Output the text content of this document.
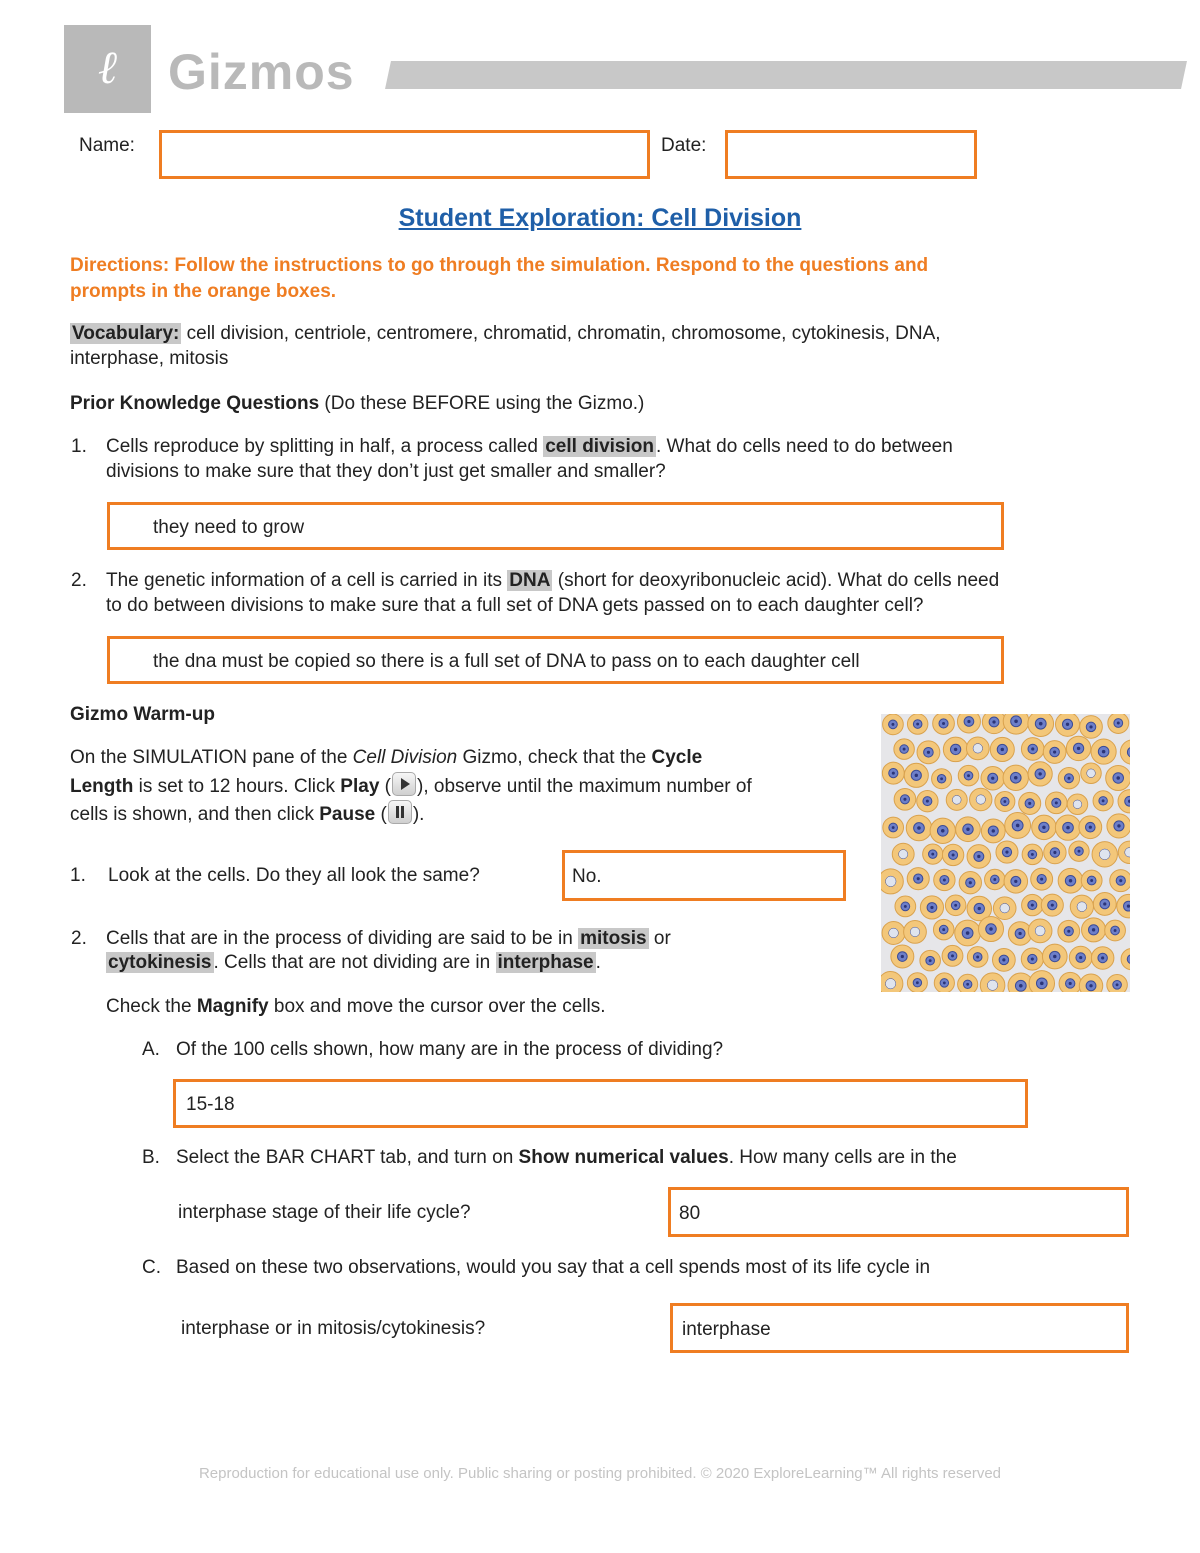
ℓ	Gizmos
Name:	Date:
Student Exploration: Cell Division
Directions: Follow the instructions to go through the simulation. Respond to the questions and
prompts in the orange boxes.
Vocabulary: cell division, centriole, centromere, chromatid, chromatin, chromosome, cytokinesis, DNA,
interphase, mitosis
Prior Knowledge Questions (Do these BEFORE using the Gizmo.)
1. Cells reproduce by splitting in half, a process called cell division . What do cells need to do between
divisions to make sure that they don’t just get smaller and smaller?
they need to grow
2. The genetic information of a cell is carried in its DNA (short for deoxyribonucleic acid). What do cells need
to do between divisions to make sure that a full set of DNA gets passed on to each daughter cell?
the dna must be copied so there is a full set of DNA to pass on to each daughter cell
Gizmo Warm-up
On the SIMULATION pane of the Cell Division Gizmo, check that the Cycle
Length is set to 12 hours. Click Play ( ), observe until the maximum number of
cells is shown, and then click Pause ( ).
1. Look at the cells. Do they all look the same?	No.
2. Cells that are in the process of dividing are said to be in mitosis or
cytokinesis . Cells that are not dividing are in interphase .
Check the Magnify box and move the cursor over the cells.
A. Of the 100 cells shown, how many are in the process of dividing?
15-18
B. Select the BAR CHART tab, and turn on Show numerical values. How many cells are in the
interphase stage of their life cycle?	80
C. Based on these two observations, would you say that a cell spends most of its life cycle in
interphase or in mitosis/cytokinesis?	interphase
Reproduction for educational use only. Public sharing or posting prohibited. © 2020 ExploreLearning™ All rights reserved
